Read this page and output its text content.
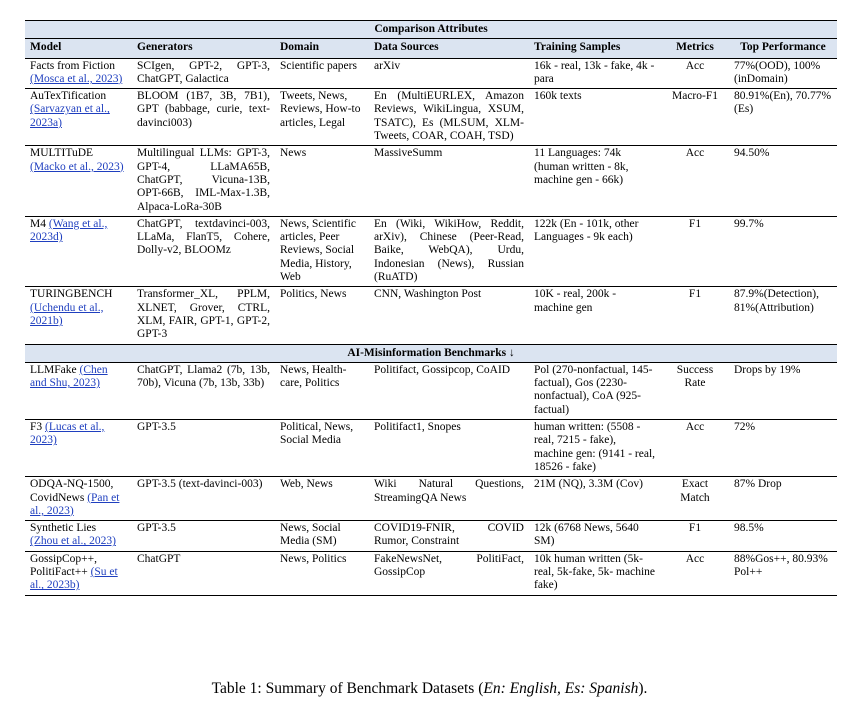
Comparison Attributes						
Model	Generators	Domain	Data Sources	Training Samples	Metrics	Top Performance
Facts from Fiction (Mosca et al., 2023)	SCIgen, GPT-2, GPT-3, ChatGPT, Galactica	Scientific papers	arXiv	16k - real, 13k - fake, 4k - para	Acc	77%(OOD), 100% (inDomain)
AuTexTification (Sarvazyan et al., 2023a)	BLOOM (1B7, 3B, 7B1), GPT (babbage, curie, text-davinci003)	Tweets, News, Reviews, How-to articles, Legal	En (MultiEURLEX, Amazon Reviews, WikiLingua, XSUM, TSATC), Es (MLSUM, XLM-Tweets, COAR, COAH, TSD)	160k texts	Macro-F1	80.91%(En), 70.77%(Es)
MULTITuDE (Macko et al., 2023)	Multilingual LLMs: GPT-3, GPT-4, LLaMA65B, ChatGPT, Vicuna-13B, OPT-66B, IML-Max-1.3B, Alpaca-LoRa-30B	News	MassiveSumm	11 Languages: 74k (human written - 8k, machine gen - 66k)	Acc	94.50%
M4 (Wang et al., 2023d)	ChatGPT, textdavinci-003, LLaMa, FlanT5, Cohere, Dolly-v2, BLOOMz	News, Scientific articles, Peer Reviews, Social Media, History, Web	En (Wiki, WikiHow, Reddit, arXiv), Chinese (Peer-Read, Baike, WebQA), Urdu, Indonesian (News), Russian (RuATD)	122k (En - 101k, other Languages - 9k each)	F1	99.7%
TURINGBENCH (Uchendu et al., 2021b)	Transformer_XL, PPLM, XLNET, Grover, CTRL, XLM, FAIR, GPT-1, GPT-2, GPT-3	Politics, News	CNN, Washington Post	10K - real, 200k - machine gen	F1	87.9%(Detection), 81%(Attribution)
AI-Misinformation Benchmarks ↓						
LLMFake (Chen and Shu, 2023)	ChatGPT, Llama2 (7b, 13b, 70b), Vicuna (7b, 13b, 33b)	News, Health-care, Politics	Politifact, Gossipcop, CoAID	Pol (270-nonfactual, 145-factual), Gos (2230-nonfactual), CoA (925-factual)	Success Rate	Drops by 19%
F3 (Lucas et al., 2023)	GPT-3.5	Political, News, Social Media	Politifact1, Snopes	human written: (5508 - real, 7215 - fake), machine gen: (9141 - real, 18526 - fake)	Acc	72%
ODQA-NQ-1500, CovidNews (Pan et al., 2023)	GPT-3.5 (text-davinci-003)	Web, News	Wiki Natural Questions, StreamingQA News	21M (NQ), 3.3M (Cov)	Exact Match	87% Drop
Synthetic Lies (Zhou et al., 2023)	GPT-3.5	News, Social Media (SM)	COVID19-FNIR, COVID Rumor, Constraint	12k (6768 News, 5640 SM)	F1	98.5%
GossipCop++, PolitiFact++ (Su et al., 2023b)	ChatGPT	News, Politics	FakeNewsNet, PolitiFact, GossipCop	10k human written (5k-real, 5k-fake, 5k- machine fake)	Acc	88%Gos++, 80.93% Pol++
Table 1: Summary of Benchmark Datasets (En: English, Es: Spanish).
